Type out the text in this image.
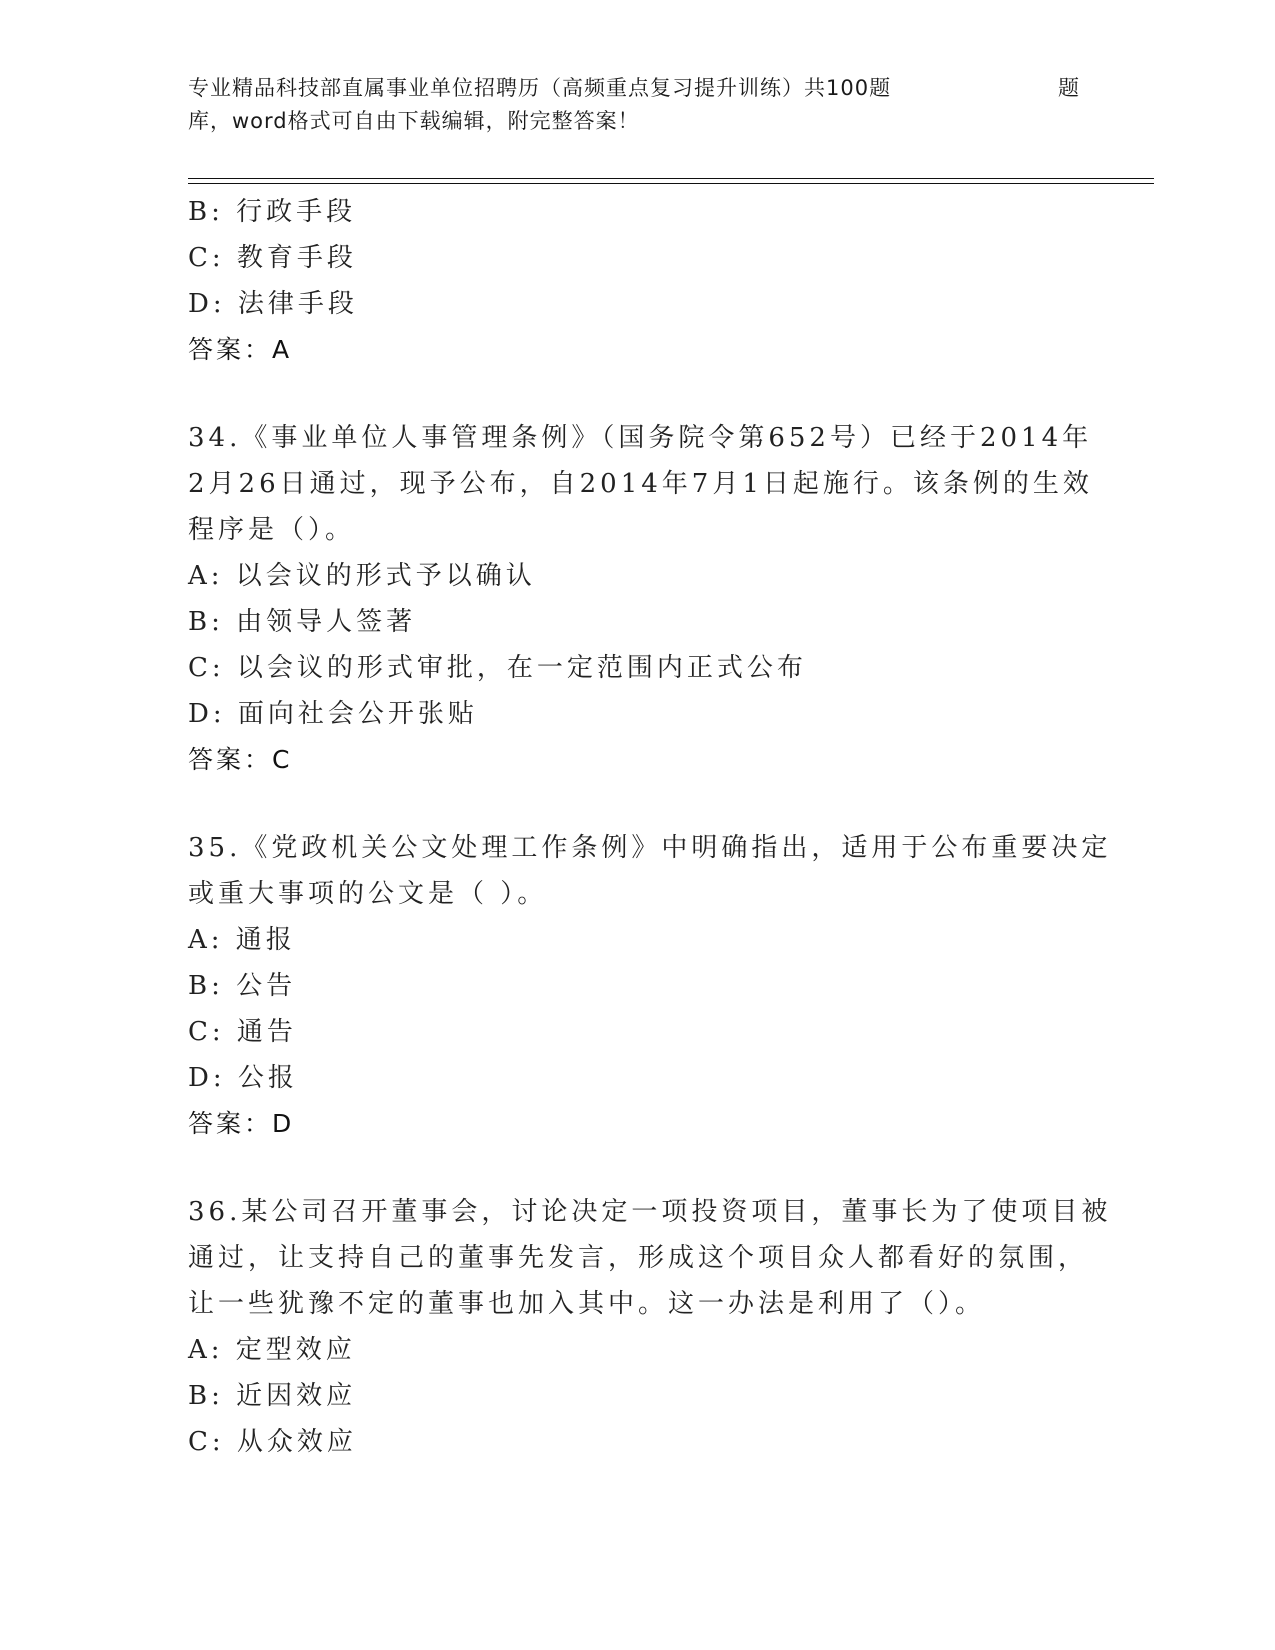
专业精品科技部直属事业单位招聘历（高频重点复习提升训练）共100题	题
库，word格式可自由下载编辑，附完整答案！
B: 行政手段
C: 教育手段
D: 法律手段
答案：A
34.《事业单位人事管理条例》（国务院令第652号）已经于2014年
2月26日通过，现予公布，自2014年7月1日起施行。该条例的生效
程序是（）。
A: 以会议的形式予以确认
B: 由领导人签著
C: 以会议的形式审批，在一定范围内正式公布
D: 面向社会公开张贴
答案：C
35.《党政机关公文处理工作条例》中明确指出，适用于公布重要决定
或重大事项的公文是（ ）。
A: 通报
B: 公告
C: 通告
D: 公报
答案：D
36.某公司召开董事会，讨论决定一项投资项目，董事长为了使项目被
通过，让支持自己的董事先发言，形成这个项目众人都看好的氛围，
让一些犹豫不定的董事也加入其中。这一办法是利用了（）。
A: 定型效应
B: 近因效应
C: 从众效应
